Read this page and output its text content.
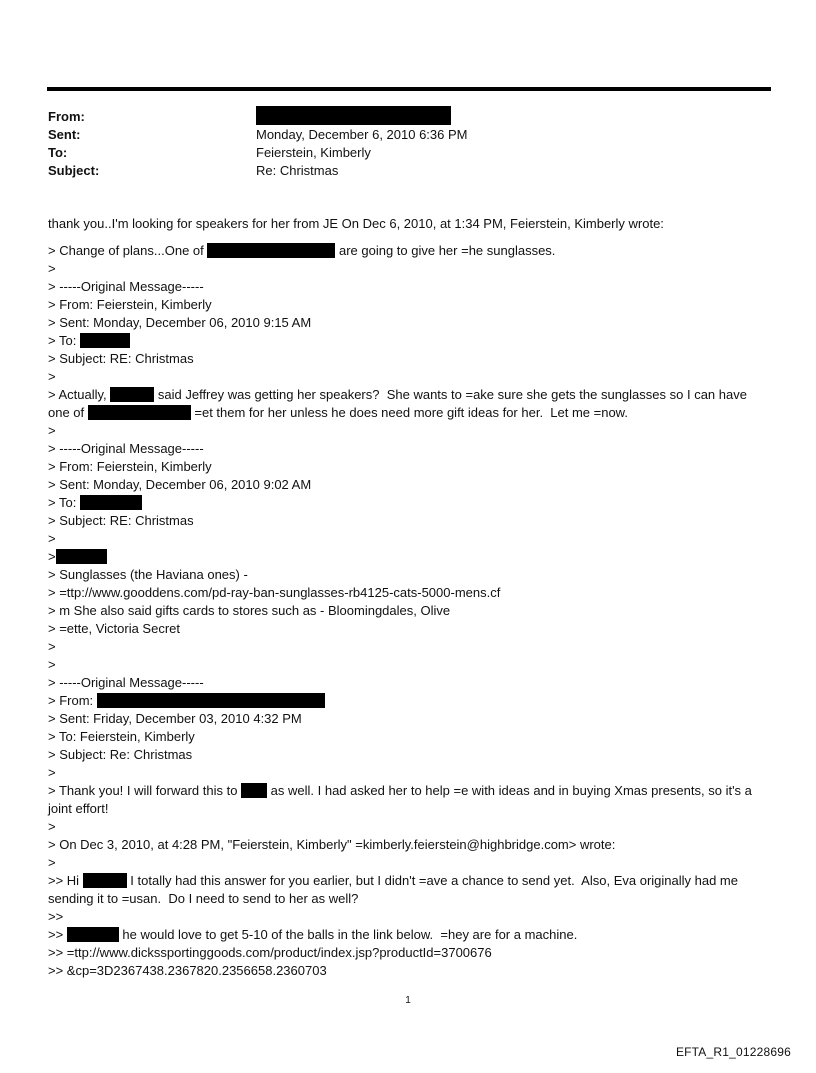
From:
Sent:	Monday, December 6, 2010 6:36 PM
To:	Feierstein, Kimberly
Subject:	Re: Christmas

thank you..I'm looking for speakers for her from JE On Dec 6, 2010, at 1:34 PM, Feierstein, Kimberly wrote:

> Change of plans...One of	are going to give her =he sunglasses.

>

> -----Original Message-----

> From: Feierstein, Kimberly

> Sent: Monday, December 06, 2010 9:15 AM

> To:

> Subject: RE: Christmas

>

> Actually,	said Jeffrey was getting her speakers?  She wants to =ake sure she gets the sunglasses so I can have

one of	=et them for her unless he does need more gift ideas for her.  Let me =now.

>

> -----Original Message-----

> From: Feierstein, Kimberly

> Sent: Monday, December 06, 2010 9:02 AM

> To:

> Subject: RE: Christmas

>

>

> Sunglasses (the Haviana ones) -

> =ttp://www.gooddens.com/pd-ray-ban-sunglasses-rb4125-cats-5000-mens.cf

> m She also said gifts cards to stores such as - Bloomingdales, Olive

> =ette, Victoria Secret

>

>

> -----Original Message-----

> From:

> Sent: Friday, December 03, 2010 4:32 PM

> To: Feierstein, Kimberly

> Subject: Re: Christmas

>

> Thank you! I will forward this to  as well. I had asked her to help =e with ideas and in buying Xmas presents, so it's a

joint effort!

>

> On Dec 3, 2010, at 4:28 PM, "Feierstein, Kimberly" =kimberly.feierstein@highbridge.com> wrote:

>

>> Hi	I totally had this answer for you earlier, but I didn't =ave a chance to send yet.  Also, Eva originally had me

sending it to =usan.  Do I need to send to her as well?

>>

>>	he would love to get 5-10 of the balls in the link below.  =hey are for a machine.

>> =ttp://www.dickssportinggoods.com/product/index.jsp?productId=3700676

>> &cp=3D2367438.2367820.2356658.2360703

1
EFTA_R1_01228696
